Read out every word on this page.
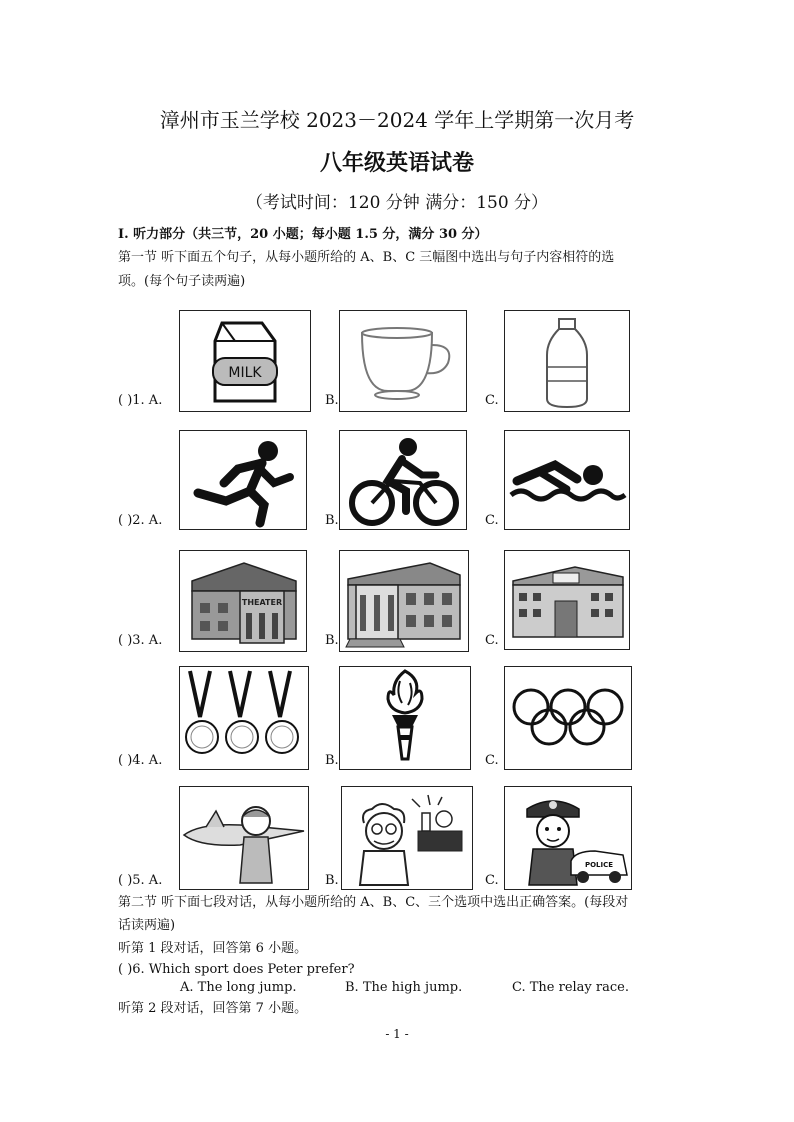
漳州市玉兰学校 2023－2024 学年上学期第一次月考
八年级英语试卷
（考试时间：120 分钟 满分：150 分）
I. 听力部分（共三节，20 小题；每小题 1.5 分，满分 30 分）
第一节 听下面五个句子，从每小题所给的 A、B、C 三幅图中选出与句子内容相符的选
项。(每个句子读两遍)
( )1. A.
MILK
B.	C.
( )2. A.	B.	C.
( )3. A.
THEATER
B.	C.
( )4. A.	B.	C.
( )5. A.	B.	C.
POLICE
第二节 听下面七段对话，从每小题所给的 A、B、C、三个选项中选出正确答案。(每段对
话读两遍)
听第 1 段对话，回答第 6 小题。
( )6. Which sport does Peter prefer?
A. The long jump.	B. The high jump.	C. The relay race.
听第 2 段对话，回答第 7 小题。
- 1 -
